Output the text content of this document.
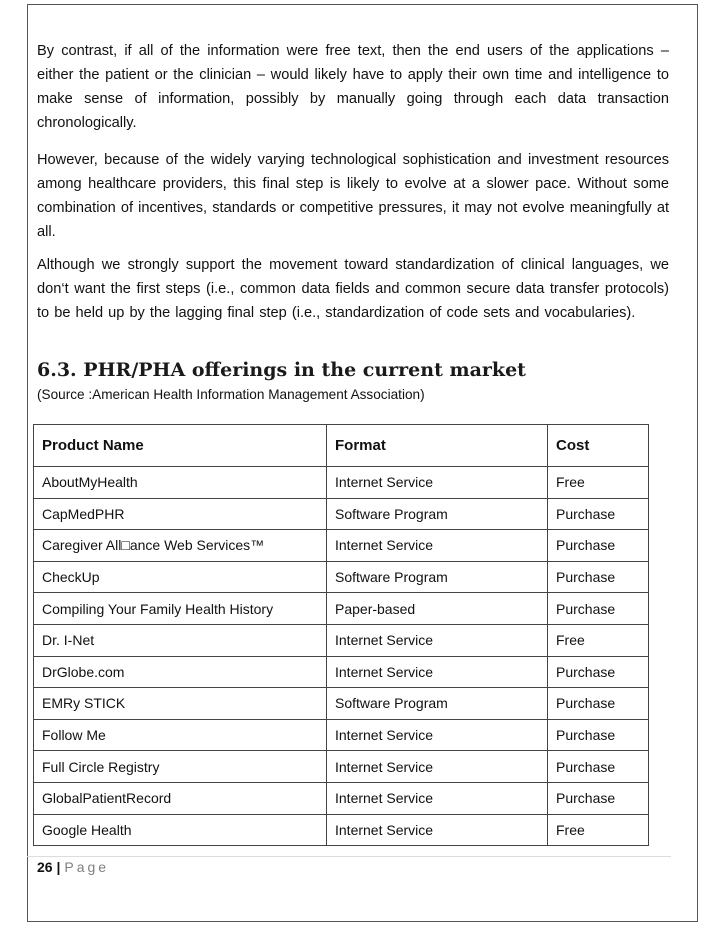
By contrast, if all of the information were free text, then the end users of the applications – either the patient or the clinician – would likely have to apply their own time and intelligence to make sense of information, possibly by manually going through each data transaction chronologically.

However, because of the widely varying technological sophistication and investment resources among healthcare providers, this final step is likely to evolve at a slower pace. Without some combination of incentives, standards or competitive pressures, it may not evolve meaningfully at all.

Although we strongly support the movement toward standardization of clinical languages, we don‘t want the first steps (i.e., common data fields and common secure data transfer protocols) to be held up by the lagging final step (i.e., standardization of code sets and vocabularies).

6.3. PHR/PHA offerings in the current market

(Source :American Health Information Management Association)

Product Name	Format	Cost
AboutMyHealth	Internet Service	Free
CapMedPHR	Software Program	Purchase
Caregiver All□ance Web Services™	Internet Service	Purchase
CheckUp	Software Program	Purchase
Compiling Your Family Health History	Paper-based	Purchase
Dr. I-Net	Internet Service	Free
DrGlobe.com	Internet Service	Purchase
EMRy STICK	Software Program	Purchase
Follow Me	Internet Service	Purchase
Full Circle Registry	Internet Service	Purchase
GlobalPatientRecord	Internet Service	Purchase
Google Health	Internet Service	Free

26 | Page
